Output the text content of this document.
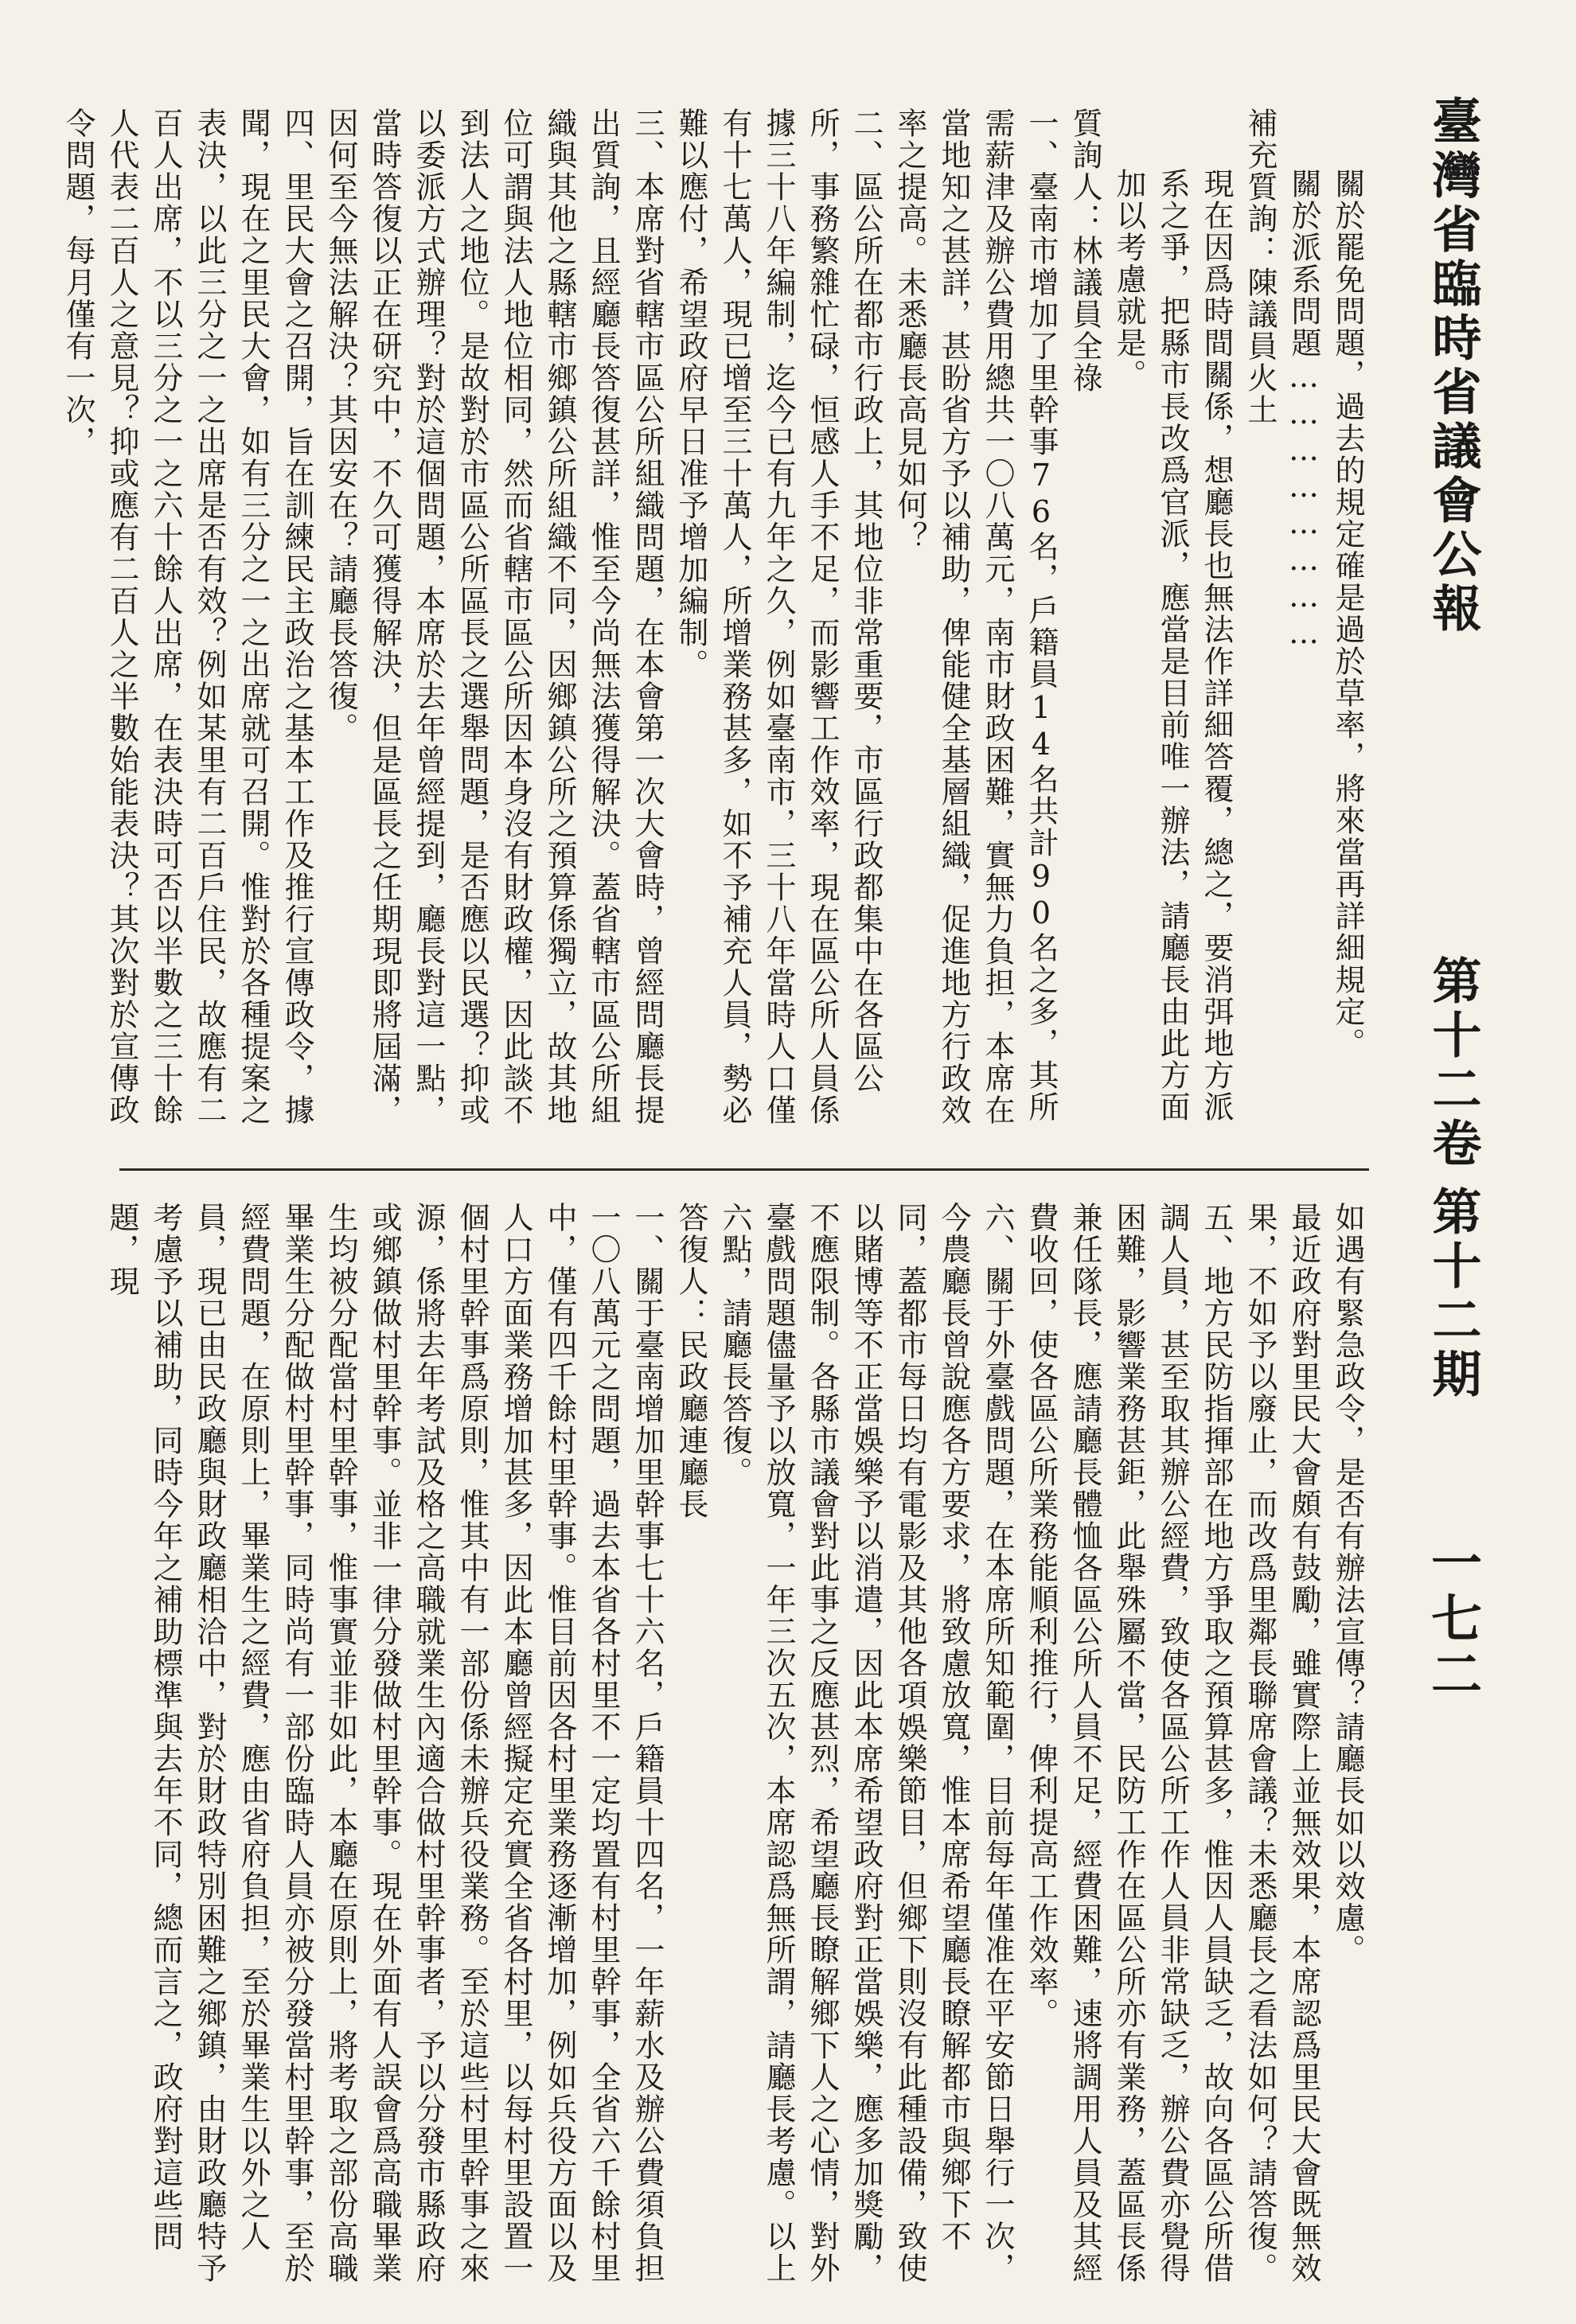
臺灣省臨時省議會公報
第十二卷
第十二期
一七二

關於罷免問題，過去的規定確是過於草率，將來當再詳細規定。

關於派系問題……………………

補充質詢：陳議員火土

現在因爲時間關係，想廳長也無法作詳細答覆，總之，要消弭地方派系之爭，把縣市長改爲官派，應當是目前唯一辦法，請廳長由此方面加以考慮就是。

質詢人：林議員全祿

一、臺南市增加了里幹事76名，戶籍員14名共計90名之多，其所需薪津及辦公費用總共一〇八萬元，南市財政困難，實無力負担，本席在當地知之甚詳，甚盼省方予以補助，俾能健全基層組織，促進地方行政效率之提高。未悉廳長高見如何？

二、區公所在都市行政上，其地位非常重要，市區行政都集中在各區公所，事務繁雜忙碌，恒感人手不足，而影響工作效率，現在區公所人員係據三十八年編制，迄今已有九年之久，例如臺南市，三十八年當時人口僅有十七萬人，現已增至三十萬人，所增業務甚多，如不予補充人員，勢必難以應付，希望政府早日准予增加編制。

三、本席對省轄市區公所組織問題，在本會第一次大會時，曾經問廳長提出質詢，且經廳長答復甚詳，惟至今尚無法獲得解決。蓋省轄市區公所組織與其他之縣轄市鄉鎮公所組織不同，因鄉鎮公所之預算係獨立，故其地位可謂與法人地位相同，然而省轄市區公所因本身沒有財政權，因此談不到法人之地位。是故對於市區公所區長之選舉問題，是否應以民選？抑或以委派方式辦理？對於這個問題，本席於去年曾經提到，廳長對這一點，當時答復以正在研究中，不久可獲得解決，但是區長之任期現即將屆滿，因何至今無法解決？其因安在？請廳長答復。

四、里民大會之召開，旨在訓練民主政治之基本工作及推行宣傳政令，據聞，現在之里民大會，如有三分之一之出席就可召開。惟對於各種提案之表決，以此三分之一之出席是否有效？例如某里有二百戶住民，故應有二百人出席，不以三分之一之六十餘人出席，在表決時可否以半數之三十餘人代表二百人之意見？抑或應有二百人之半數始能表決？其次對於宣傳政令問題，每月僅有一次，

如遇有緊急政令，是否有辦法宣傳？請廳長如以效慮。

最近政府對里民大會頗有鼓勵，雖實際上並無效果，本席認爲里民大會既無效果，不如予以廢止，而改爲里鄰長聯席會議？未悉廳長之看法如何？請答復。

五、地方民防指揮部在地方爭取之預算甚多，惟因人員缺乏，故向各區公所借調人員，甚至取其辦公經費，致使各區公所工作人員非常缺乏，辦公費亦覺得困難，影響業務甚鉅，此舉殊屬不當，民防工作在區公所亦有業務，蓋區長係兼任隊長，應請廳長體恤各區公所人員不足，經費困難，速將調用人員及其經費收回，使各區公所業務能順利推行，俾利提高工作效率。

六、關于外臺戲問題，在本席所知範圍，目前每年僅准在平安節日舉行一次，今農廳長曾說應各方要求，將致慮放寬，惟本席希望廳長瞭解都市與鄉下不同，蓋都市每日均有電影及其他各項娛樂節目，但鄉下則沒有此種設備，致使以賭博等不正當娛樂予以消遣，因此本席希望政府對正當娛樂，應多加獎勵，不應限制。各縣市議會對此事之反應甚烈，希望廳長瞭解鄉下人之心情，對外臺戲問題儘量予以放寬，一年三次五次，本席認爲無所謂，請廳長考慮。以上六點，請廳長答復。

答復人：民政廳連廳長

一、關于臺南增加里幹事七十六名，戶籍員十四名，一年薪水及辦公費須負担一〇八萬元之問題，過去本省各村里不一定均置有村里幹事，全省六千餘村里中，僅有四千餘村里幹事。惟目前因各村里業務逐漸增加，例如兵役方面以及人口方面業務增加甚多，因此本廳曾經擬定充實全省各村里，以每村里設置一個村里幹事爲原則，惟其中有一部份係未辦兵役業務。至於這些村里幹事之來源，係將去年考試及格之高職就業生內適合做村里幹事者，予以分發市縣政府或鄉鎮做村里幹事。並非一律分發做村里幹事。現在外面有人誤會爲高職畢業生均被分配當村里幹事，惟事實並非如此，本廳在原則上，將考取之部份高職畢業生分配做村里幹事，同時尚有一部份臨時人員亦被分發當村里幹事，至於經費問題，在原則上，畢業生之經費，應由省府負担，至於畢業生以外之人員，現已由民政廳與財政廳相洽中，對於財政特別困難之鄉鎮，由財政廳特予考慮予以補助，同時今年之補助標準與去年不同，總而言之，政府對這些問題，現
